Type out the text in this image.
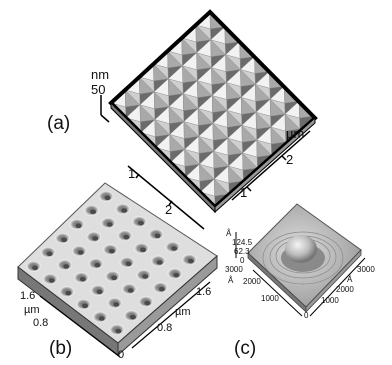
(a)
nm
50
µm
1
2
1
2
(b)
1.6
µm
0.8
0
1.6
µm
0.8
(c)
Å
124.5
62.3
0
3000
Å 2000
1000
3000
Å
2000
1000
0
